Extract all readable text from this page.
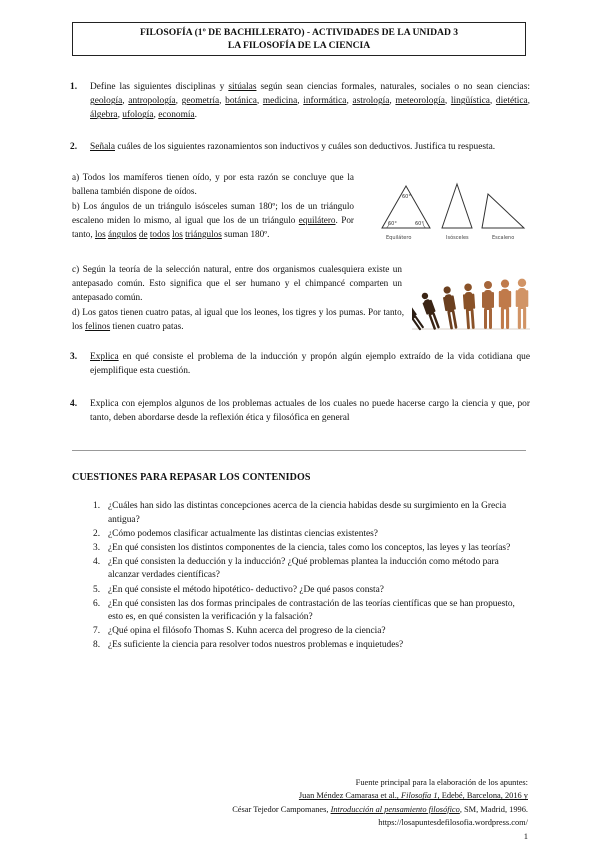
FILOSOFÍA (1º DE BACHILLERATO) - ACTIVIDADES DE LA UNIDAD 3
LA FILOSOFÍA DE LA CIENCIA
1.	Define las siguientes disciplinas y sitúalas según sean ciencias formales, naturales, sociales o no sean ciencias: geología, antropología, geometría, botánica, medicina, informática, astrología, meteorología, lingüística, dietética, álgebra, ufología, economía.
2.	Señala cuáles de los siguientes razonamientos son inductivos y cuáles son deductivos. Justifica tu respuesta.
a) Todos los mamíferos tienen oído, y por esta razón se concluye que la ballena también dispone de oídos.
b) Los ángulos de un triángulo isósceles suman 180º; los de un triángulo escaleno miden lo mismo, al igual que los de un triángulo equilátero. Por tanto, los ángulos de todos los triángulos suman 180º.
60°	60°
60°
Equilátero	Isósceles	Escaleno
c) Según la teoría de la selección natural, entre dos organismos cualesquiera existe un antepasado común. Esto significa que el ser humano y el chimpancé comparten un antepasado común.
d) Los gatos tienen cuatro patas, al igual que los leones, los tigres y los pumas. Por tanto, los felinos tienen cuatro patas.
3.	Explica en qué consiste el problema de la inducción y propón algún ejemplo extraído de la vida cotidiana que ejemplifique esta cuestión.
4.	Explica con ejemplos algunos de los problemas actuales de los cuales no puede hacerse cargo la ciencia y que, por tanto, deben abordarse desde la reflexión ética y filosófica en general
CUESTIONES PARA REPASAR LOS CONTENIDOS
1. ¿Cuáles han sido las distintas concepciones acerca de la ciencia habidas desde su surgimiento en la Grecia antigua?
2. ¿Cómo podemos clasificar actualmente las distintas ciencias existentes?
3. ¿En qué consisten los distintos componentes de la ciencia, tales como los conceptos, las leyes y las teorías?
4. ¿En qué consisten la deducción y la inducción? ¿Qué problemas plantea la inducción como método para alcanzar verdades científicas?
5. ¿En qué consiste el método hipotético- deductivo? ¿De qué pasos consta?
6. ¿En qué consisten las dos formas principales de contrastación de las teorías científicas que se han propuesto, esto es, en qué consisten la verificación y la falsación?
7. ¿Qué opina el filósofo Thomas S. Kuhn acerca del progreso de la ciencia?
8. ¿Es suficiente la ciencia para resolver todos nuestros problemas e inquietudes?
Fuente principal para la elaboración de los apuntes:
Juan Méndez Camarasa et al., Filosofía 1, Edebé, Barcelona, 2016 y
César Tejedor Campomanes, Introducción al pensamiento filosófico, SM, Madrid, 1996.
https://losapuntesdefilosofia.wordpress.com/
1
